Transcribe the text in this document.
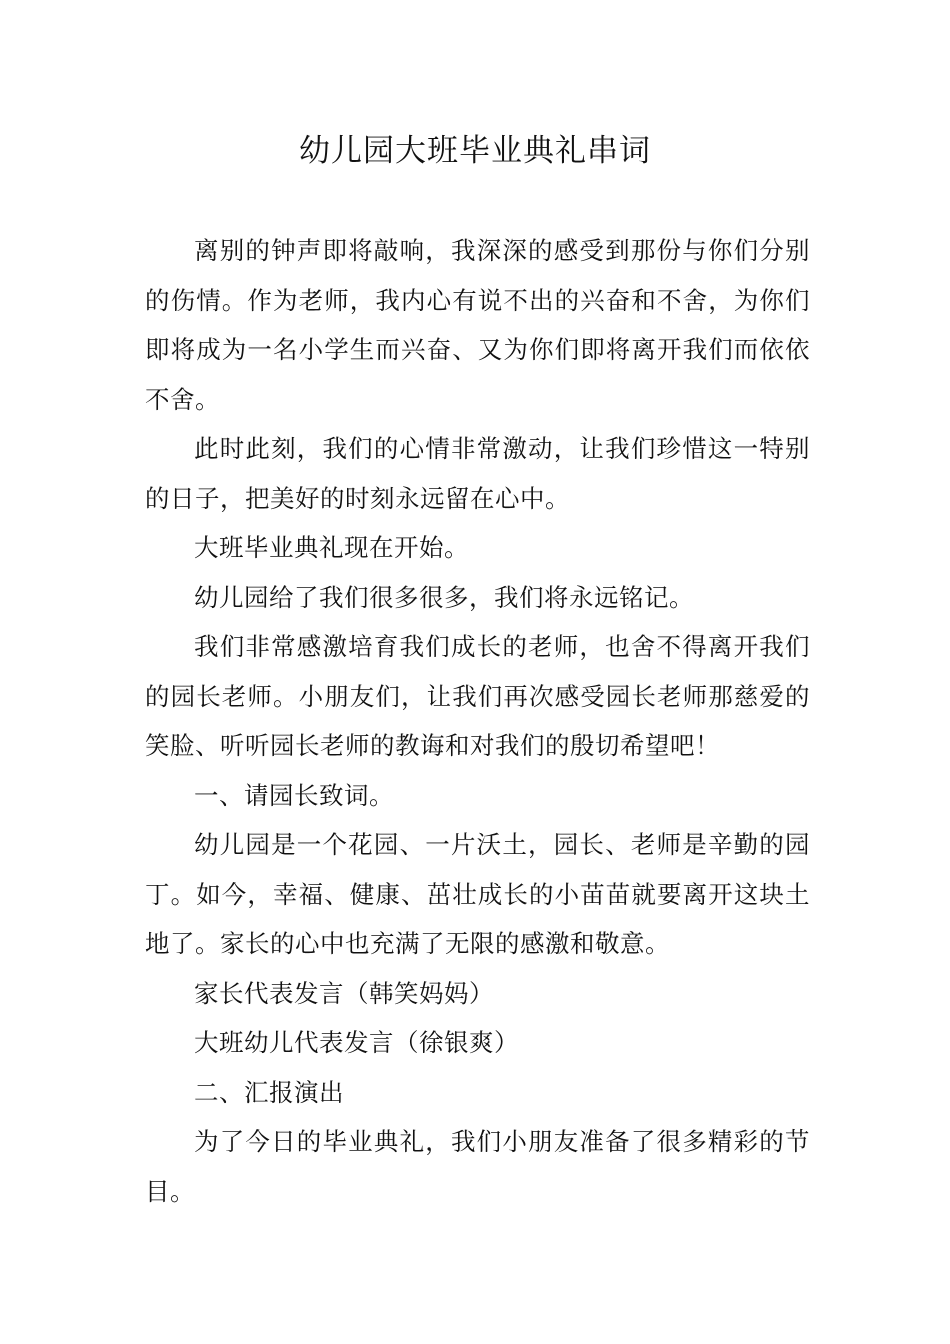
幼儿园大班毕业典礼串词

离别的钟声即将敲响，我深深的感受到那份与你们分别的伤情。作为老师，我内心有说不出的兴奋和不舍，为你们即将成为一名小学生而兴奋、又为你们即将离开我们而依依不舍。

此时此刻，我们的心情非常激动，让我们珍惜这一特别的日子，把美好的时刻永远留在心中。

大班毕业典礼现在开始。

幼儿园给了我们很多很多，我们将永远铭记。

我们非常感激培育我们成长的老师，也舍不得离开我们的园长老师。小朋友们，让我们再次感受园长老师那慈爱的笑脸、听听园长老师的教诲和对我们的殷切希望吧！

一、请园长致词。

幼儿园是一个花园、一片沃土，园长、老师是辛勤的园丁。如今，幸福、健康、茁壮成长的小苗苗就要离开这块土地了。家长的心中也充满了无限的感激和敬意。

家长代表发言（韩笑妈妈）

大班幼儿代表发言（徐银爽）

二、汇报演出

为了今日的毕业典礼，我们小朋友准备了很多精彩的节目。
